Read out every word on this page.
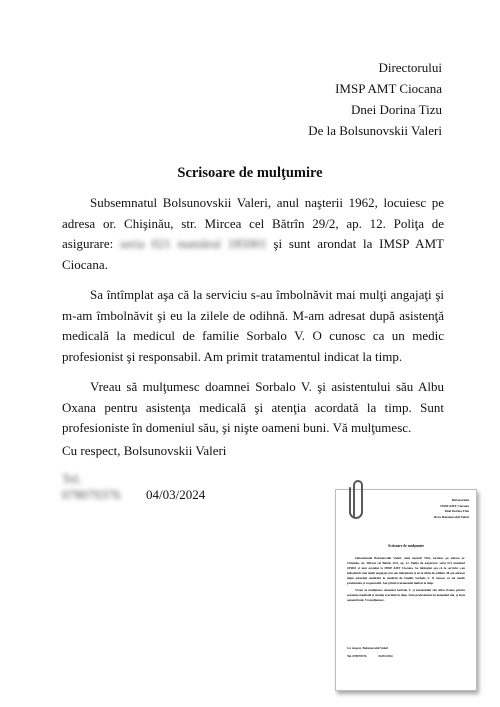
Directorului
IMSP AMT Ciocana
Dnei Dorina Tizu
De la Bolsunovskii Valeri
Scrisoare de mulţumire

Subsemnatul Bolsunovskii Valeri, anul naşterii 1962, locuiesc pe adresa or. Chişinău, str. Mircea cel Bătrîn 29/2, ap. 12. Poliţa de asigurare: seria 021 numărul 185001 şi sunt arondat la IMSP AMT Ciocana.

Sa întîmplat aşa că la serviciu s-au îmbolnăvit mai mulţi angajaţi şi m-am îmbolnăvit şi eu la zilele de odihnă. M-am adresat după asistenţă medicală la medicul de familie Sorbalo V. O cunosc ca un medic profesionist şi responsabil. Am primit tratamentul indicat la timp.

Vreau să mulţumesc doamnei Sorbalo V. şi asistentului său Albu Oxana pentru asistenţa medicală şi atenţia acordată la timp. Sunt profesioniste în domeniul său, şi nişte oameni buni. Vă mulţumesc.

Cu respect, Bolsunovskii Valeri
Tel. 078070376 04/03/2024	Directorului
IMSP AMT Ciocana
Dnei Dorina Tizu
De la Bolsunovskii Valeri
Scrisoare de mulţumire

Subsemnatul Bolsunovskii Valeri, anul naşterii 1962, locuiesc pe adresa or. Chişinău, str. Mircea cel Bătrîn 29/2, ap. 12. Poliţa de asigurare: seria 021 numărul 185001 şi sunt arondat la IMSP AMT Ciocana. Sa întîmplat aşa că la serviciu s-au îmbolnăvit mai mulţi angajaţi şi m-am îmbolnăvit şi eu la zilele de odihnă. M-am adresat după asistenţă medicală la medicul de familie Sorbalo V. O cunosc ca un medic profesionist şi responsabil. Am primit tratamentul indicat la timp.

Vreau să mulţumesc doamnei Sorbalo V. şi asistentului său Albu Oxana pentru asistenţa medicală şi atenţia acordată la timp. Sunt profesioniste în domeniul său, şi nişte oameni buni. Vă mulţumesc.

Cu respect, Bolsunovskii Valeri
Tel. 078070376	04/03/2024
